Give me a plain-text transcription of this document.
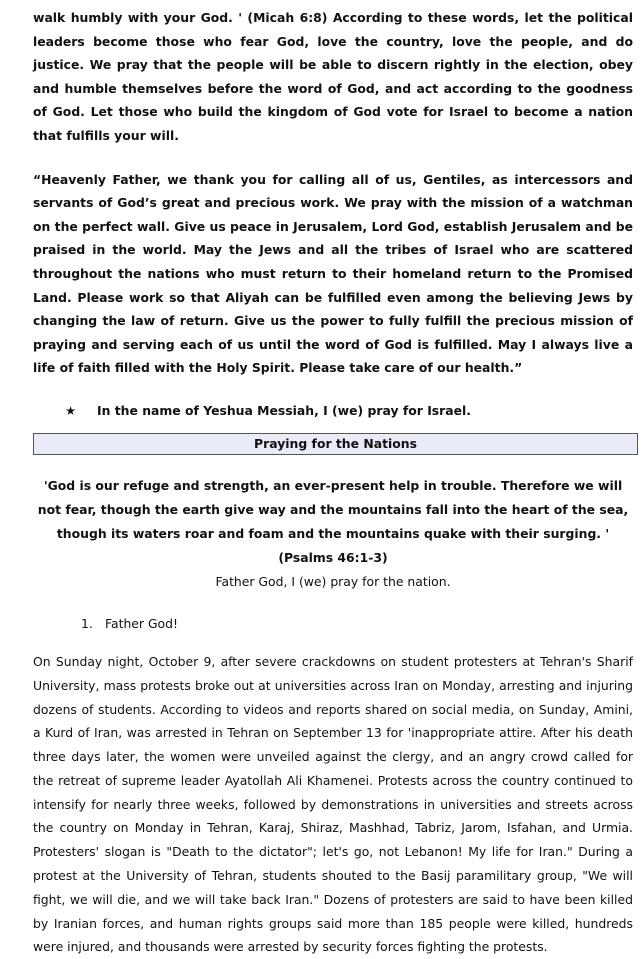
walk humbly with your God. ' (Micah 6:8) According to these words, let the political leaders become those who fear God, love the country, love the people, and do justice. We pray that the people will be able to discern rightly in the election, obey and humble themselves before the word of God, and act according to the goodness of God. Let those who build the kingdom of God vote for Israel to become a nation that fulfills your will.

“Heavenly Father, we thank you for calling all of us, Gentiles, as intercessors and servants of God’s great and precious work. We pray with the mission of a watchman on the perfect wall. Give us peace in Jerusalem, Lord God, establish Jerusalem and be praised in the world. May the Jews and all the tribes of Israel who are scattered throughout the nations who must return to their homeland return to the Promised Land. Please work so that Aliyah can be fulfilled even among the believing Jews by changing the law of return. Give us the power to fully fulfill the precious mission of praying and serving each of us until the word of God is fulfilled. May I always live a life of faith filled with the Holy Spirit. Please take care of our health.”

★ In the name of Yeshua Messiah, I (we) pray for Israel.

Praying for the Nations

'God is our refuge and strength, an ever-present help in trouble. Therefore we will not fear, though the earth give way and the mountains fall into the heart of the sea, though its waters roar and foam and the mountains quake with their surging. '

(Psalms 46:1-3)

Father God, I (we) pray for the nation.

1. Father God!

On Sunday night, October 9, after severe crackdowns on student protesters at Tehran's Sharif University, mass protests broke out at universities across Iran on Monday, arresting and injuring dozens of students. According to videos and reports shared on social media, on Sunday, Amini, a Kurd of Iran, was arrested in Tehran on September 13 for 'inappropriate attire. After his death three days later, the women were unveiled against the clergy, and an angry crowd called for the retreat of supreme leader Ayatollah Ali Khamenei. Protests across the country continued to intensify for nearly three weeks, followed by demonstrations in universities and streets across the country on Monday in Tehran, Karaj, Shiraz, Mashhad, Tabriz, Jarom, Isfahan, and Urmia. Protesters' slogan is "Death to the dictator"; let's go, not Lebanon! My life for Iran." During a protest at the University of Tehran, students shouted to the Basij paramilitary group, "We will fight, we will die, and we will take back Iran." Dozens of protesters are said to have been killed by Iranian forces, and human rights groups said more than 185 people were killed, hundreds were injured, and thousands were arrested by security forces fighting the protests.
